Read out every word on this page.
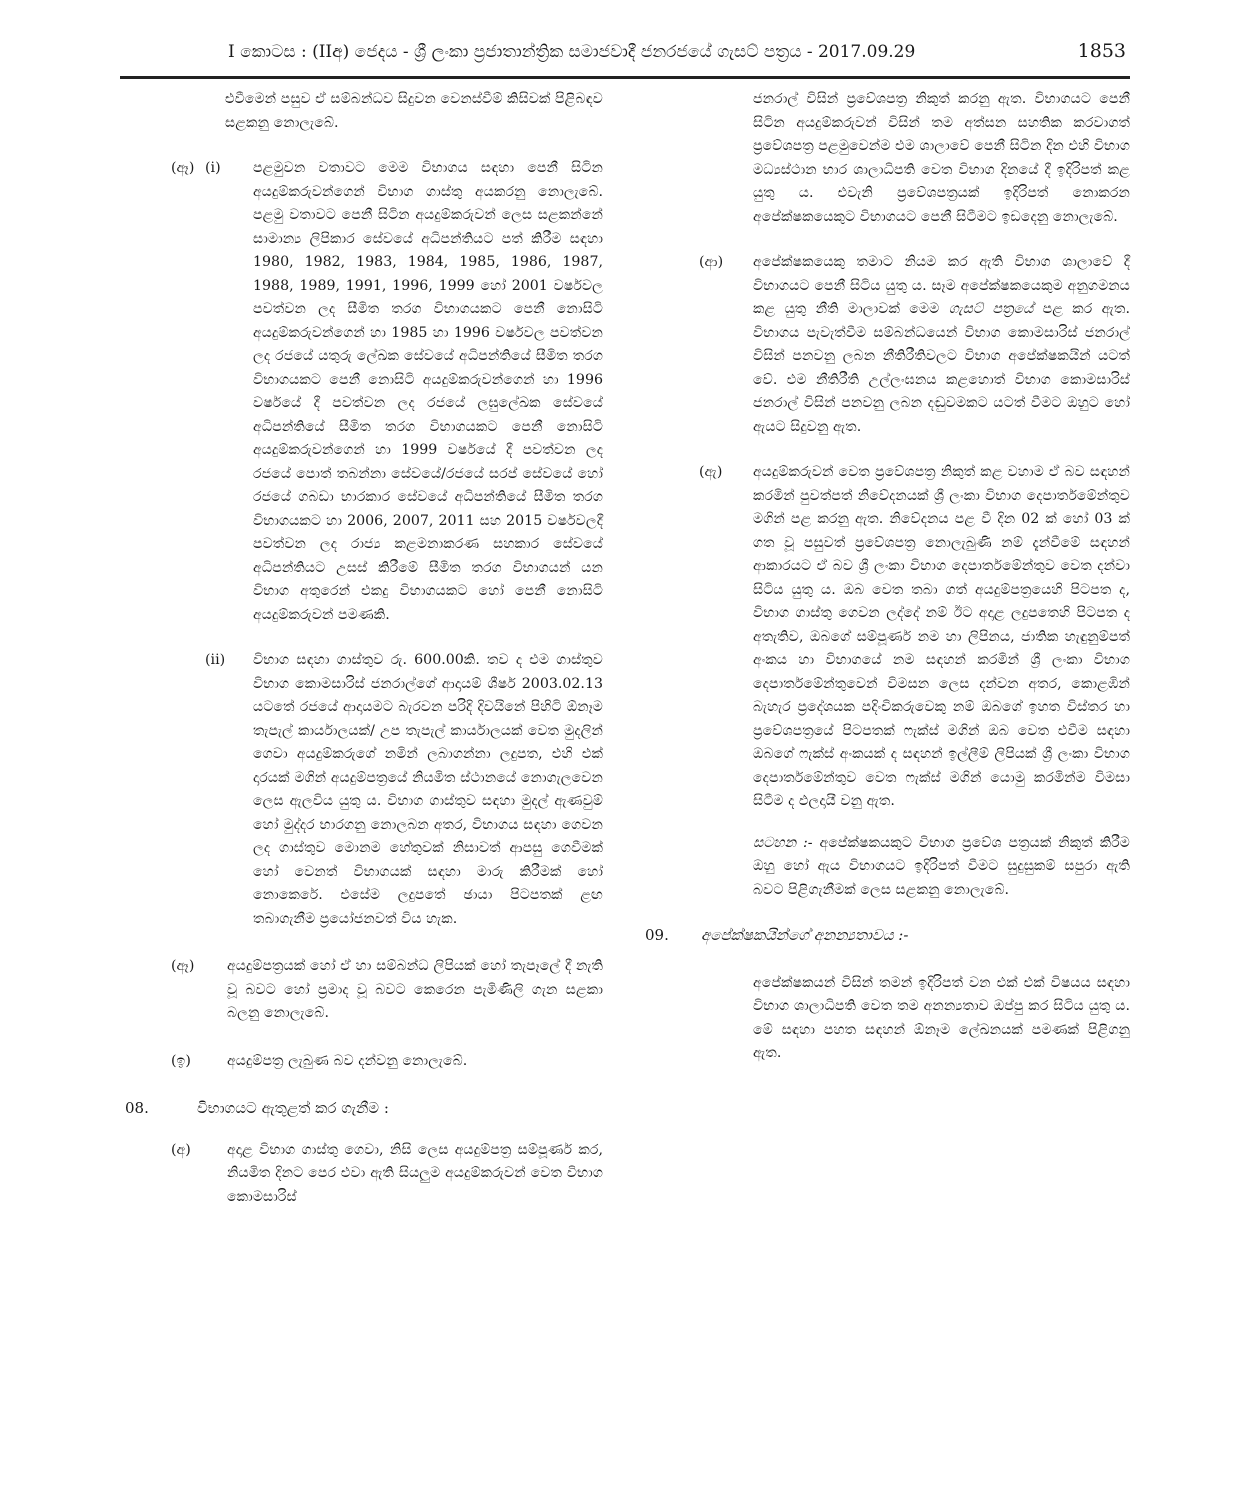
I කොටස : (IIඅ) ජෙදය - ශ්‍රී ලංකා ප්‍රජාතාන්ත්‍රික සමාජවාදී ජනරජයේ ගැසට් පත්‍රය - 2017.09.29	1853
එවීමෙන් පසුව ඒ සම්බන්ධව සිදුවන වෙනස්වීම් කිසිවක් පිළිබඳව සළකනු නොලැබේ.
(ඈ) (i)	පළමුවන වතාවට මෙම විභාගය සඳහා පෙනී සිටින අයදුම්කරුවන්ගෙන් විභාග ගාස්තු අයකරනු නොලැබේ. පළමු වතාවට පෙනී සිටින අයදුම්කරුවන් ලෙස සළකන්නේ සාමාන්‍ය ලිපිකාර සේවයේ අධිපන්තියට පත් කිරීම සඳහා 1980, 1982, 1983, 1984, 1985, 1986, 1987, 1988, 1989, 1991, 1996, 1999 හෝ 2001 වර්ෂවල පවත්වන ලද සීමිත තරග විභාගයකට පෙනී නොසිටි අයදුම්කරුවන්ගෙන් හා 1985 හා 1996 වර්ෂවල පවත්වන ලද රජයේ යතුරු ලේඛක සේවයේ අධිපන්තියේ සීමිත තරග විභාගයකට පෙනී නොසිටි අයදුම්කරුවන්ගෙන් හා 1996 වර්ෂයේ දී පවත්වන ලද රජයේ ලඝුලේඛක සේවයේ අධිපන්තියේ සීමිත තරග විභාගයකට පෙනී නොසිටි අයදුම්කරුවන්ගෙන් හා 1999 වර්ෂයේ දී පවත්වන ලද රජයේ පොත් තබන්නා සේවයේ/රජයේ සරප් සේවයේ හෝ රජයේ ගබඩා භාරකාර සේවයේ අධිපන්තියේ සීමිත තරග විභාගයකට හා 2006, 2007, 2011 සහ 2015 වර්ෂවලදී පවත්වන ලද රාජ්‍ය කළමනාකරණ සහකාර සේවයේ අධිපන්තියට උසස් කිරීමේ සීමිත තරග විභාගයන් යන විභාග අතුරෙන් එකදු විභාගයකට හෝ පෙනී නොසිටි අයදුම්කරුවන් පමණකි.
(ii)	විභාග සඳහා ගාස්තුව රු. 600.00කි. තව ද එම ගාස්තුව විභාග කොමසාරිස් ජනරාල්ගේ ආදායම් ශීර්ෂ 2003.02.13 යටතේ රජයේ ආදායමට බැරවන පරිදි දිවයිනේ පිහිටි ඕනෑම තැපැල් කාර්යාලයක්/ උප තැපැල් කාර්යාලයක් වෙත මුදලින් ගෙවා අයදුම්කරුගේ නමින් ලබාගන්නා ලදුපත, එහි එක් දාරයක් මගින් අයදුම්පත්‍රයේ නියමිත ස්ථානයේ නොගැලවෙන ලෙස ඇලවිය යුතු ය. විභාග ගාස්තුව සඳහා මුදල් ඇණවුම් හෝ මුද්දර භාරගනු නොලබන අතර, විභාගය සඳහා ගෙවන ලද ගාස්තුව මොනම හේතුවක් නිසාවත් ආපසු ගෙවීමක් හෝ වෙනත් විභාගයක් සඳහා මාරු කිරීමක් හෝ නොකෙරේ. එසේම ලදුපතේ ඡායා පිටපතක් ළඟ තබාගැනීම ප්‍රයෝජනවත් විය හැක.
(ඈ)	අයදුම්පත්‍රයක් හෝ ඒ හා සම්බන්ධ ලිපියක් හෝ තැපෑලේ දී නැති වූ බවට හෝ ප්‍රමාද වූ බවට කෙරෙන පැමිණිලි ගැන සළකා බලනු නොලැබේ.
(ඉ)	අයදුම්පත්‍ර ලැබුණ බව දන්වනු නොලැබේ.
08.	විභාගයට ඇතුළත් කර ගැනීම :
(අ)	අදාළ විභාග ගාස්තු ගෙවා, නිසි ලෙස අයදුම්පත්‍ර සම්පූර්ණ කර, නියමිත දිනට පෙර එවා ඇති සියලුම අයදුම්කරුවන් වෙත විභාග කොමසාරිස්
ජනරාල් විසින් ප්‍රවේශපත්‍ර නිකුත් කරනු ඇත. විභාගයට පෙනී සිටින අයදුම්කරුවන් විසින් තම අත්සන සහතික කරවාගත් ප්‍රවේශපත්‍ර පළමුවෙන්ම එම ශාලාවේ පෙනී සිටින දින එහි විභාග මධ්‍යස්ථාන භාර ශාලාධිපති වෙත විභාග දිනයේ දී ඉදිරිපත් කළ යුතු ය. එවැනි ප්‍රවේශපත්‍රයක් ඉදිරිපත් නොකරන අපේක්ෂකයෙකුට විභාගයට පෙනී සිටීමට ඉඩදෙනු නොලැබේ.
(ආ)	අපේක්ෂකයෙකු තමාට නියම කර ඇති විභාග ශාලාවේ දී විභාගයට පෙනී සිටිය යුතු ය. සෑම අපේක්ෂකයෙකුම අනුගමනය කළ යුතු නීති මාලාවක් මෙම ගැසට් පත්‍රයේ පළ කර ඇත. විභාගය පැවැත්වීම සම්බන්ධයෙන් විභාග කොමසාරිස් ජනරාල් විසින් පනවනු ලබන නීතිරීතිවලට විභාග අපේක්ෂකයින් යටත් වේ. එම නීතිරීති උල්ලංඝනය කළහොත් විභාග කොමසාරිස් ජනරාල් විසින් පනවනු ලබන දඬුවමකට යටත් වීමට ඔහුට හෝ ඇයට සිදුවනු ඇත.
(ඇ)	අයදුම්කරුවන් වෙත ප්‍රවේශපත්‍ර නිකුත් කළ වහාම ඒ බව සඳහන් කරමින් පුවත්පත් නිවේදනයක් ශ්‍රී ලංකා විභාග දෙපාර්තමේන්තුව මගින් පළ කරනු ඇත. නිවේදනය පළ වී දින 02 ක් හෝ 03 ක් ගත වූ පසුවත් ප්‍රවේශපත්‍ර නොලැබුණි නම් දැන්වීමේ සඳහන් ආකාරයට ඒ බව ශ්‍රී ලංකා විභාග දෙපාර්තමේන්තුව වෙත දන්වා සිටිය යුතු ය. ඔබ වෙත තබා ගත් අයදුම්පත්‍රයෙහි පිටපත ද, විභාග ගාස්තු ගෙවන ලද්දේ නම් ඊට අදාළ ලදුපතෙහි පිටපත ද අතැතිව, ඔබගේ සම්පූර්ණ නම හා ලිපිනය, ජාතික හැඳුනුම්පත් අංකය හා විභාගයේ නම සඳහන් කරමින් ශ්‍රී ලංකා විභාග දෙපාර්තමේන්තුවෙන් විමසන ලෙස දන්වන අතර, කොළඹින් බැහැර ප්‍රදේශයක පදිංචිකරුවෙකු නම් ඔබගේ ඉහත විස්තර හා ප්‍රවේශපත්‍රයේ පිටපතක් ෆැක්ස් මගින් ඔබ වෙත එවීම සඳහා ඔබගේ ෆැක්ස් අංකයක් ද සඳහන් ඉල්ලීම් ලිපියක් ශ්‍රී ලංකා විභාග දෙපාර්තමේන්තුව වෙත ෆැක්ස් මගින් යොමු කරමින්ම විමසා සිටීම ද ඵලදායී වනු ඇත.
සටහන :- අපේක්ෂකයකුට විභාග ප්‍රවේශ පත්‍රයක් නිකුත් කිරීම ඔහු හෝ ඇය විභාගයට ඉදිරිපත් වීමට සුදුසුකම් සපුරා ඇති බවට පිළිගැනීමක් ලෙස සළකනු නොලැබේ.
09.	අපේක්ෂකයින්ගේ අනන්‍යතාවය :-
අපේක්ෂකයන් විසින් තමන් ඉදිරිපත් වන එක් එක් විෂයය සඳහා විභාග ශාලාධිපති වෙත තම අනන්‍යතාව ඔප්පු කර සිටිය යුතු ය. මේ සඳහා පහත සඳහන් ඕනෑම ලේඛනයක් පමණක් පිළිගනු ඇත.
